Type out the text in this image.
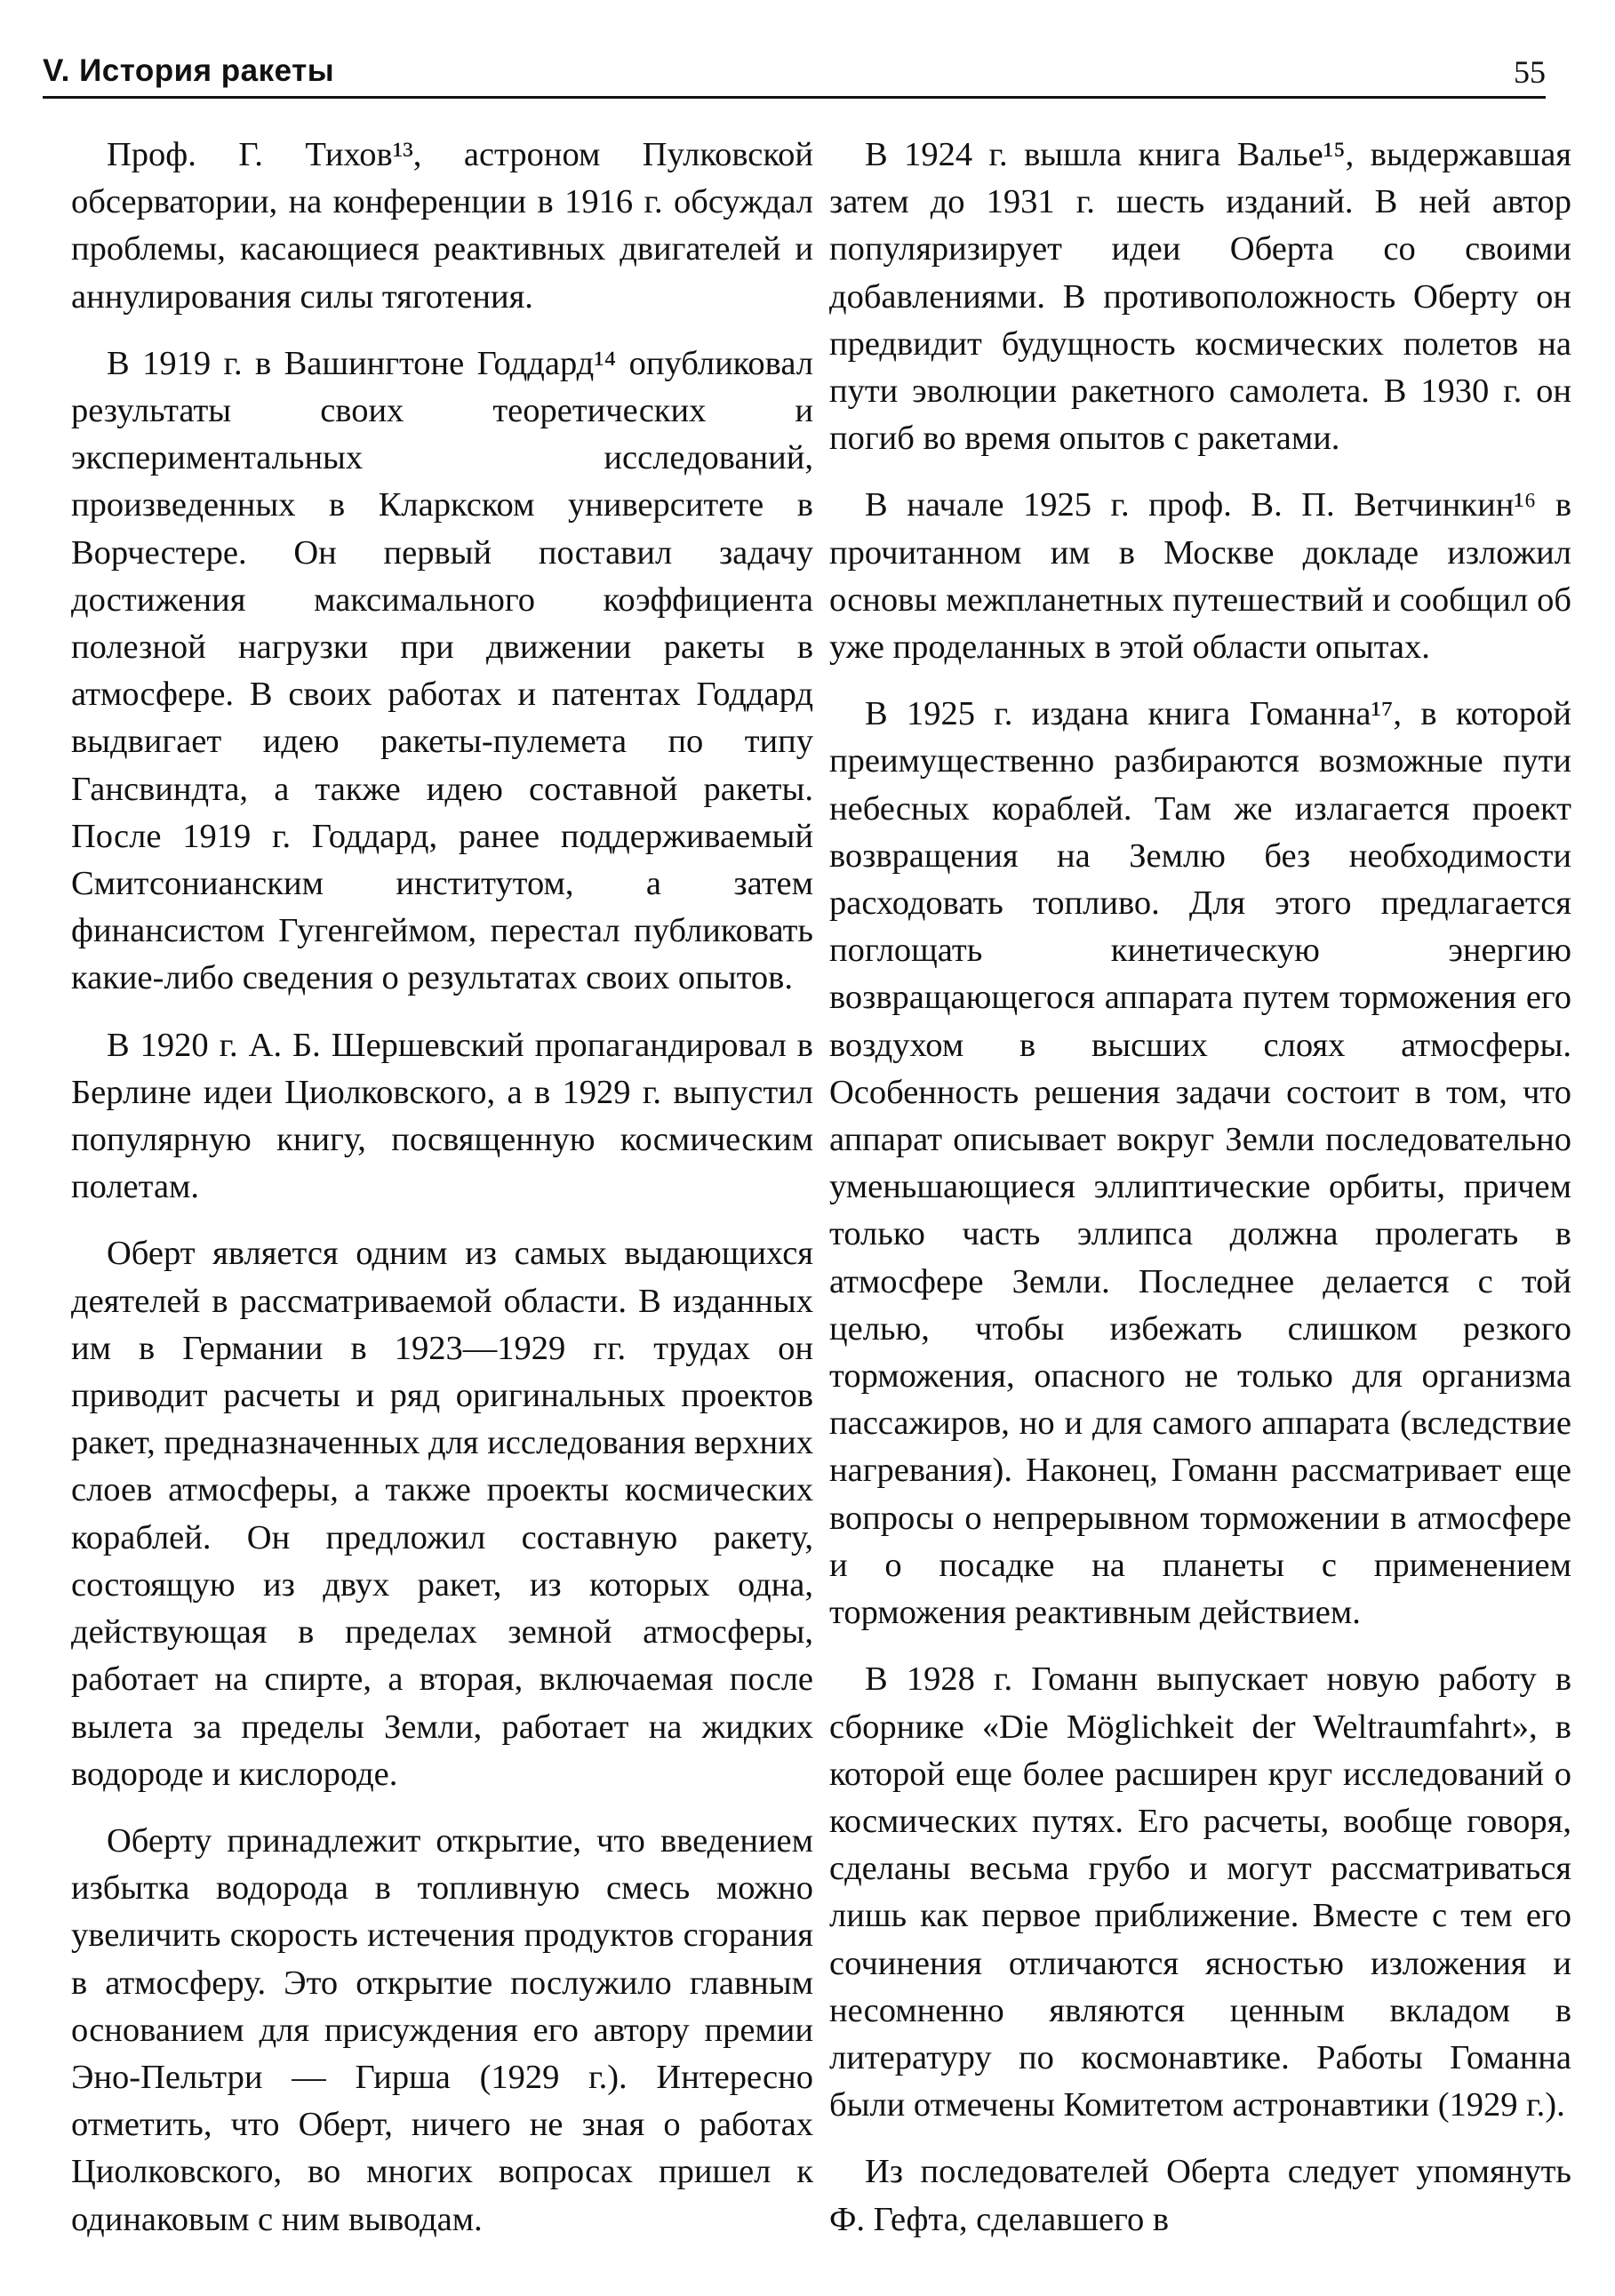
V. История ракеты	55

Проф. Г. Тихов¹³, астроном Пулковской обсерватории, на конференции в 1916 г. обсуждал проблемы, касающиеся реактивных двигателей и аннулирования силы тяготения.

В 1919 г. в Вашингтоне Годдард¹⁴ опубликовал результаты своих теоретических и экспериментальных исследований, произведенных в Кларкском университете в Ворчестере. Он первый поставил задачу достижения максимального коэффициента полезной нагрузки при движении ракеты в атмосфере. В своих работах и патентах Годдард выдвигает идею ракеты-пулемета по типу Гансвиндта, а также идею составной ракеты. После 1919 г. Годдард, ранее поддерживаемый Смитсонианским институтом, а затем финансистом Гугенгеймом, перестал публиковать какие-либо сведения о результатах своих опытов.

В 1920 г. А. Б. Шершевский пропагандировал в Берлине идеи Циолковского, а в 1929 г. выпустил популярную книгу, посвященную космическим полетам.

Оберт является одним из самых выдающихся деятелей в рассматриваемой области. В изданных им в Германии в 1923—1929 гг. трудах он приводит расчеты и ряд оригинальных проектов ракет, предназначенных для исследования верхних слоев атмосферы, а также проекты космических кораблей. Он предложил составную ракету, состоящую из двух ракет, из которых одна, действующая в пределах земной атмосферы, работает на спирте, а вторая, включаемая после вылета за пределы Земли, работает на жидких водороде и кислороде.

Оберту принадлежит открытие, что введением избытка водорода в топливную смесь можно увеличить скорость истечения продуктов сгорания в атмосферу. Это открытие послужило главным основанием для присуждения его автору премии Эно-Пельтри — Гирша (1929 г.). Интересно отметить, что Оберт, ничего не зная о работах Циолковского, во многих вопросах пришел к одинаковым с ним выводам.

В 1924 г. вышла книга Валье¹⁵, выдержавшая затем до 1931 г. шесть изданий. В ней автор популяризирует идеи Оберта со своими добавлениями. В противоположность Оберту он предвидит будущность космических полетов на пути эволюции ракетного самолета. В 1930 г. он погиб во время опытов с ракетами.

В начале 1925 г. проф. В. П. Ветчинкин¹⁶ в прочитанном им в Москве докладе изложил основы межпланетных путешествий и сообщил об уже проделанных в этой области опытах.

В 1925 г. издана книга Гоманна¹⁷, в которой преимущественно разбираются возможные пути небесных кораблей. Там же излагается проект возвращения на Землю без необходимости расходовать топливо. Для этого предлагается поглощать кинетическую энергию возвращающегося аппарата путем торможения его воздухом в высших слоях атмосферы. Особенность решения задачи состоит в том, что аппарат описывает вокруг Земли последовательно уменьшающиеся эллиптические орбиты, причем только часть эллипса должна пролегать в атмосфере Земли. Последнее делается с той целью, чтобы избежать слишком резкого торможения, опасного не только для организма пассажиров, но и для самого аппарата (вследствие нагревания). Наконец, Гоманн рассматривает еще вопросы о непрерывном торможении в атмосфере и о посадке на планеты с применением торможения реактивным действием.

В 1928 г. Гоманн выпускает новую работу в сборнике «Die Möglichkeit der Weltraumfahrt», в которой еще более расширен круг исследований о космических путях. Его расчеты, вообще говоря, сделаны весьма грубо и могут рассматриваться лишь как первое приближение. Вместе с тем его сочинения отличаются ясностью изложения и несомненно являются ценным вкладом в литературу по космонавтике. Работы Гоманна были отмечены Комитетом астронавтики (1929 г.).

Из последователей Оберта следует упомянуть Ф. Гефта, сделавшего в
